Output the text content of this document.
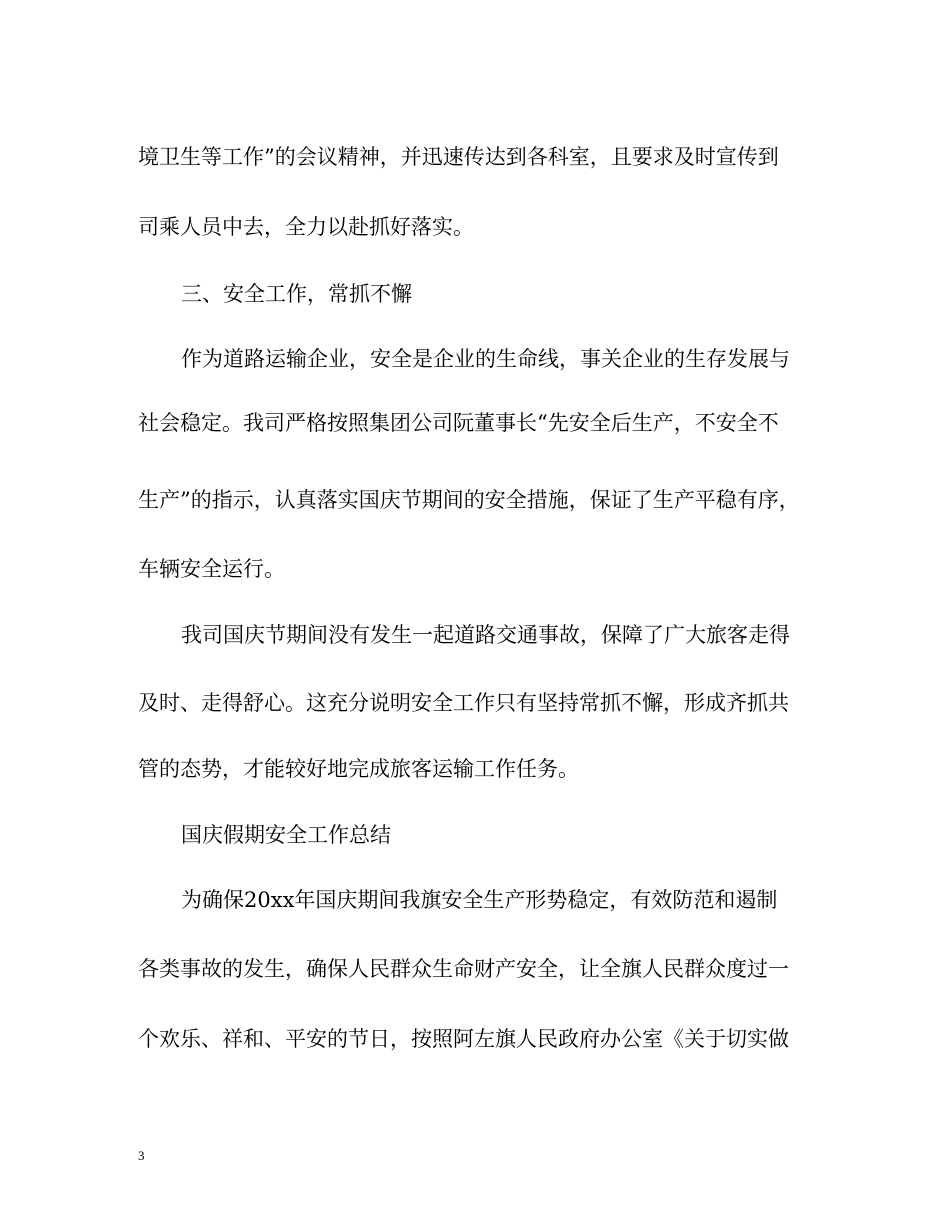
境卫生等工作”的会议精神，并迅速传达到各科室，且要求及时宣传到
司乘人员中去，全力以赴抓好落实。
三、安全工作，常抓不懈
作为道路运输企业，安全是企业的生命线，事关企业的生存发展与
社会稳定。我司严格按照集团公司阮董事长“先安全后生产，不安全不
生产”的指示，认真落实国庆节期间的安全措施，保证了生产平稳有序，
车辆安全运行。
我司国庆节期间没有发生一起道路交通事故，保障了广大旅客走得
及时、走得舒心。这充分说明安全工作只有坚持常抓不懈，形成齐抓共
管的态势，才能较好地完成旅客运输工作任务。
国庆假期安全工作总结
为确保20xx年国庆期间我旗安全生产形势稳定，有效防范和遏制
各类事故的发生，确保人民群众生命财产安全，让全旗人民群众度过一
个欢乐、祥和、平安的节日，按照阿左旗人民政府办公室《关于切实做
3
